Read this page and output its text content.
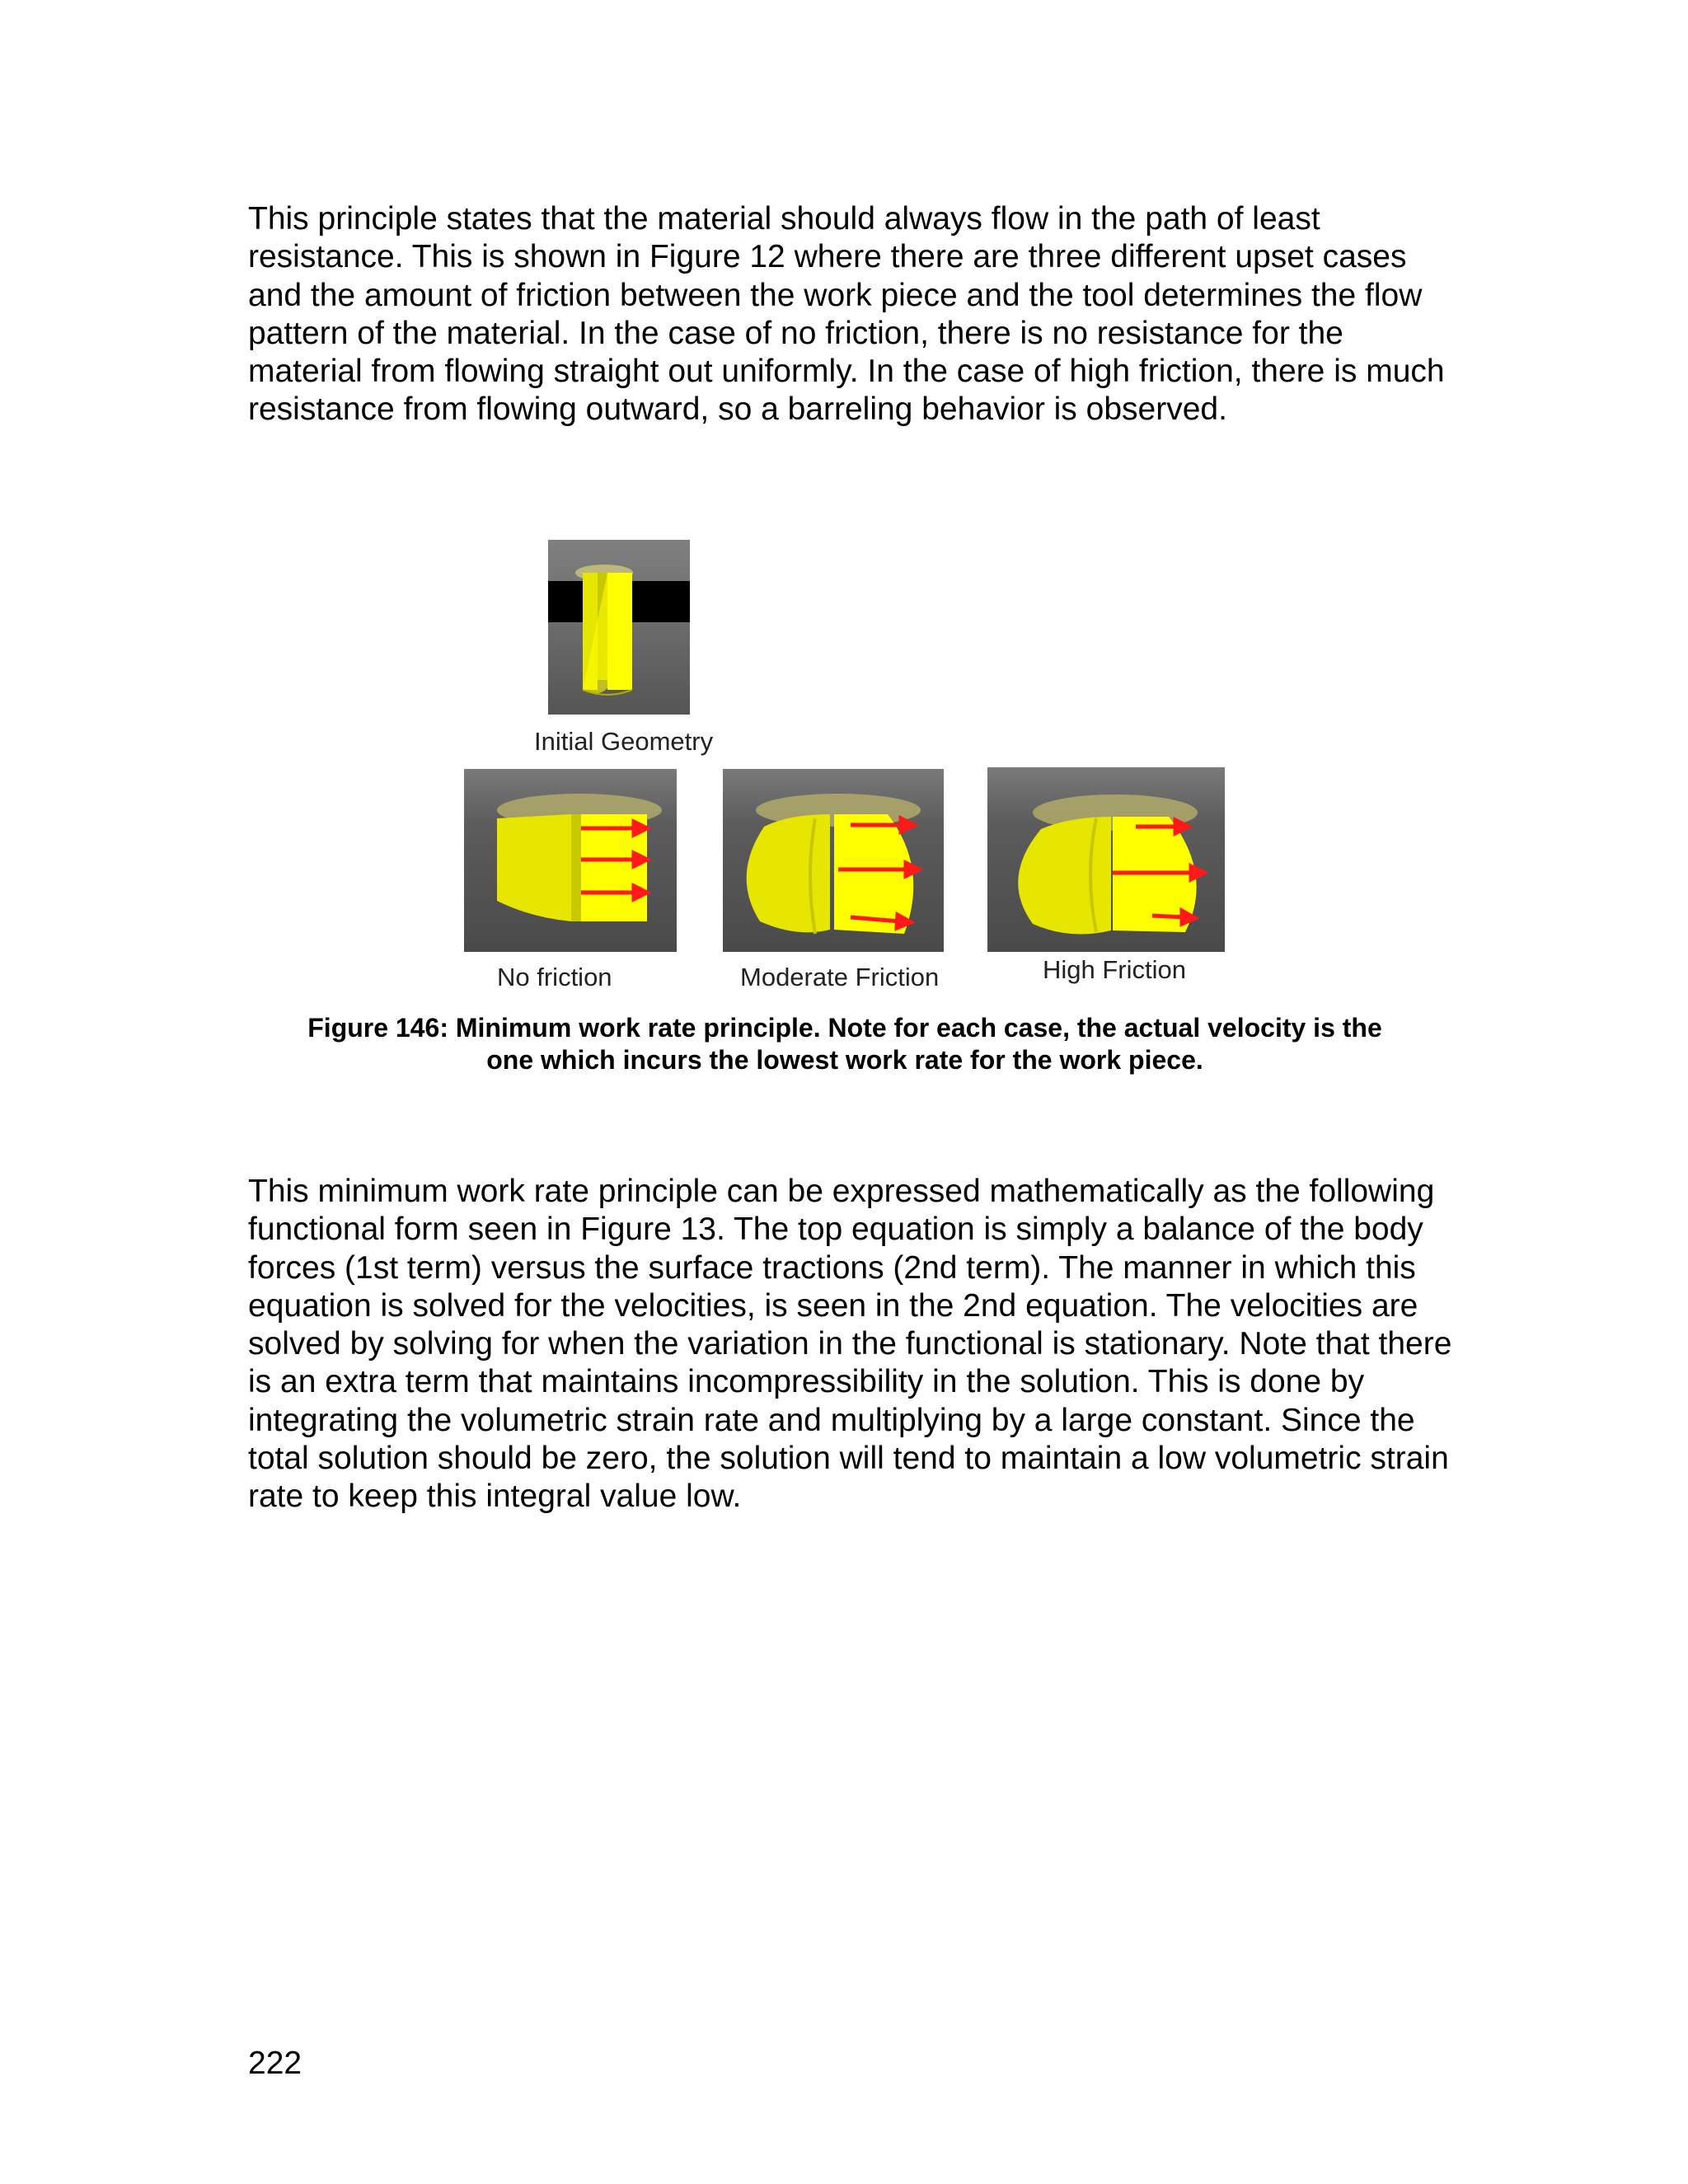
This principle states that the material should always flow in the path of least resistance. This is shown in Figure 12 where there are three different upset cases and the amount of friction between the work piece and the tool determines the flow pattern of the material. In the case of no friction, there is no resistance for the material from flowing straight out uniformly. In the case of high friction, there is much resistance from flowing outward, so a barreling behavior is observed.

Initial Geometry
No friction	Moderate Friction	High Friction
Figure 146: Minimum work rate principle. Note for each case, the actual velocity is the
one which incurs the lowest work rate for the work piece.

This minimum work rate principle can be expressed mathematically as the following functional form seen in Figure 13. The top equation is simply a balance of the body forces (1st term) versus the surface tractions (2nd term). The manner in which this equation is solved for the velocities, is seen in the 2nd equation. The velocities are solved by solving for when the variation in the functional is stationary. Note that there is an extra term that maintains incompressibility in the solution. This is done by integrating the volumetric strain rate and multiplying by a large constant. Since the total solution should be zero, the solution will tend to maintain a low volumetric strain rate to keep this integral value low.

222
